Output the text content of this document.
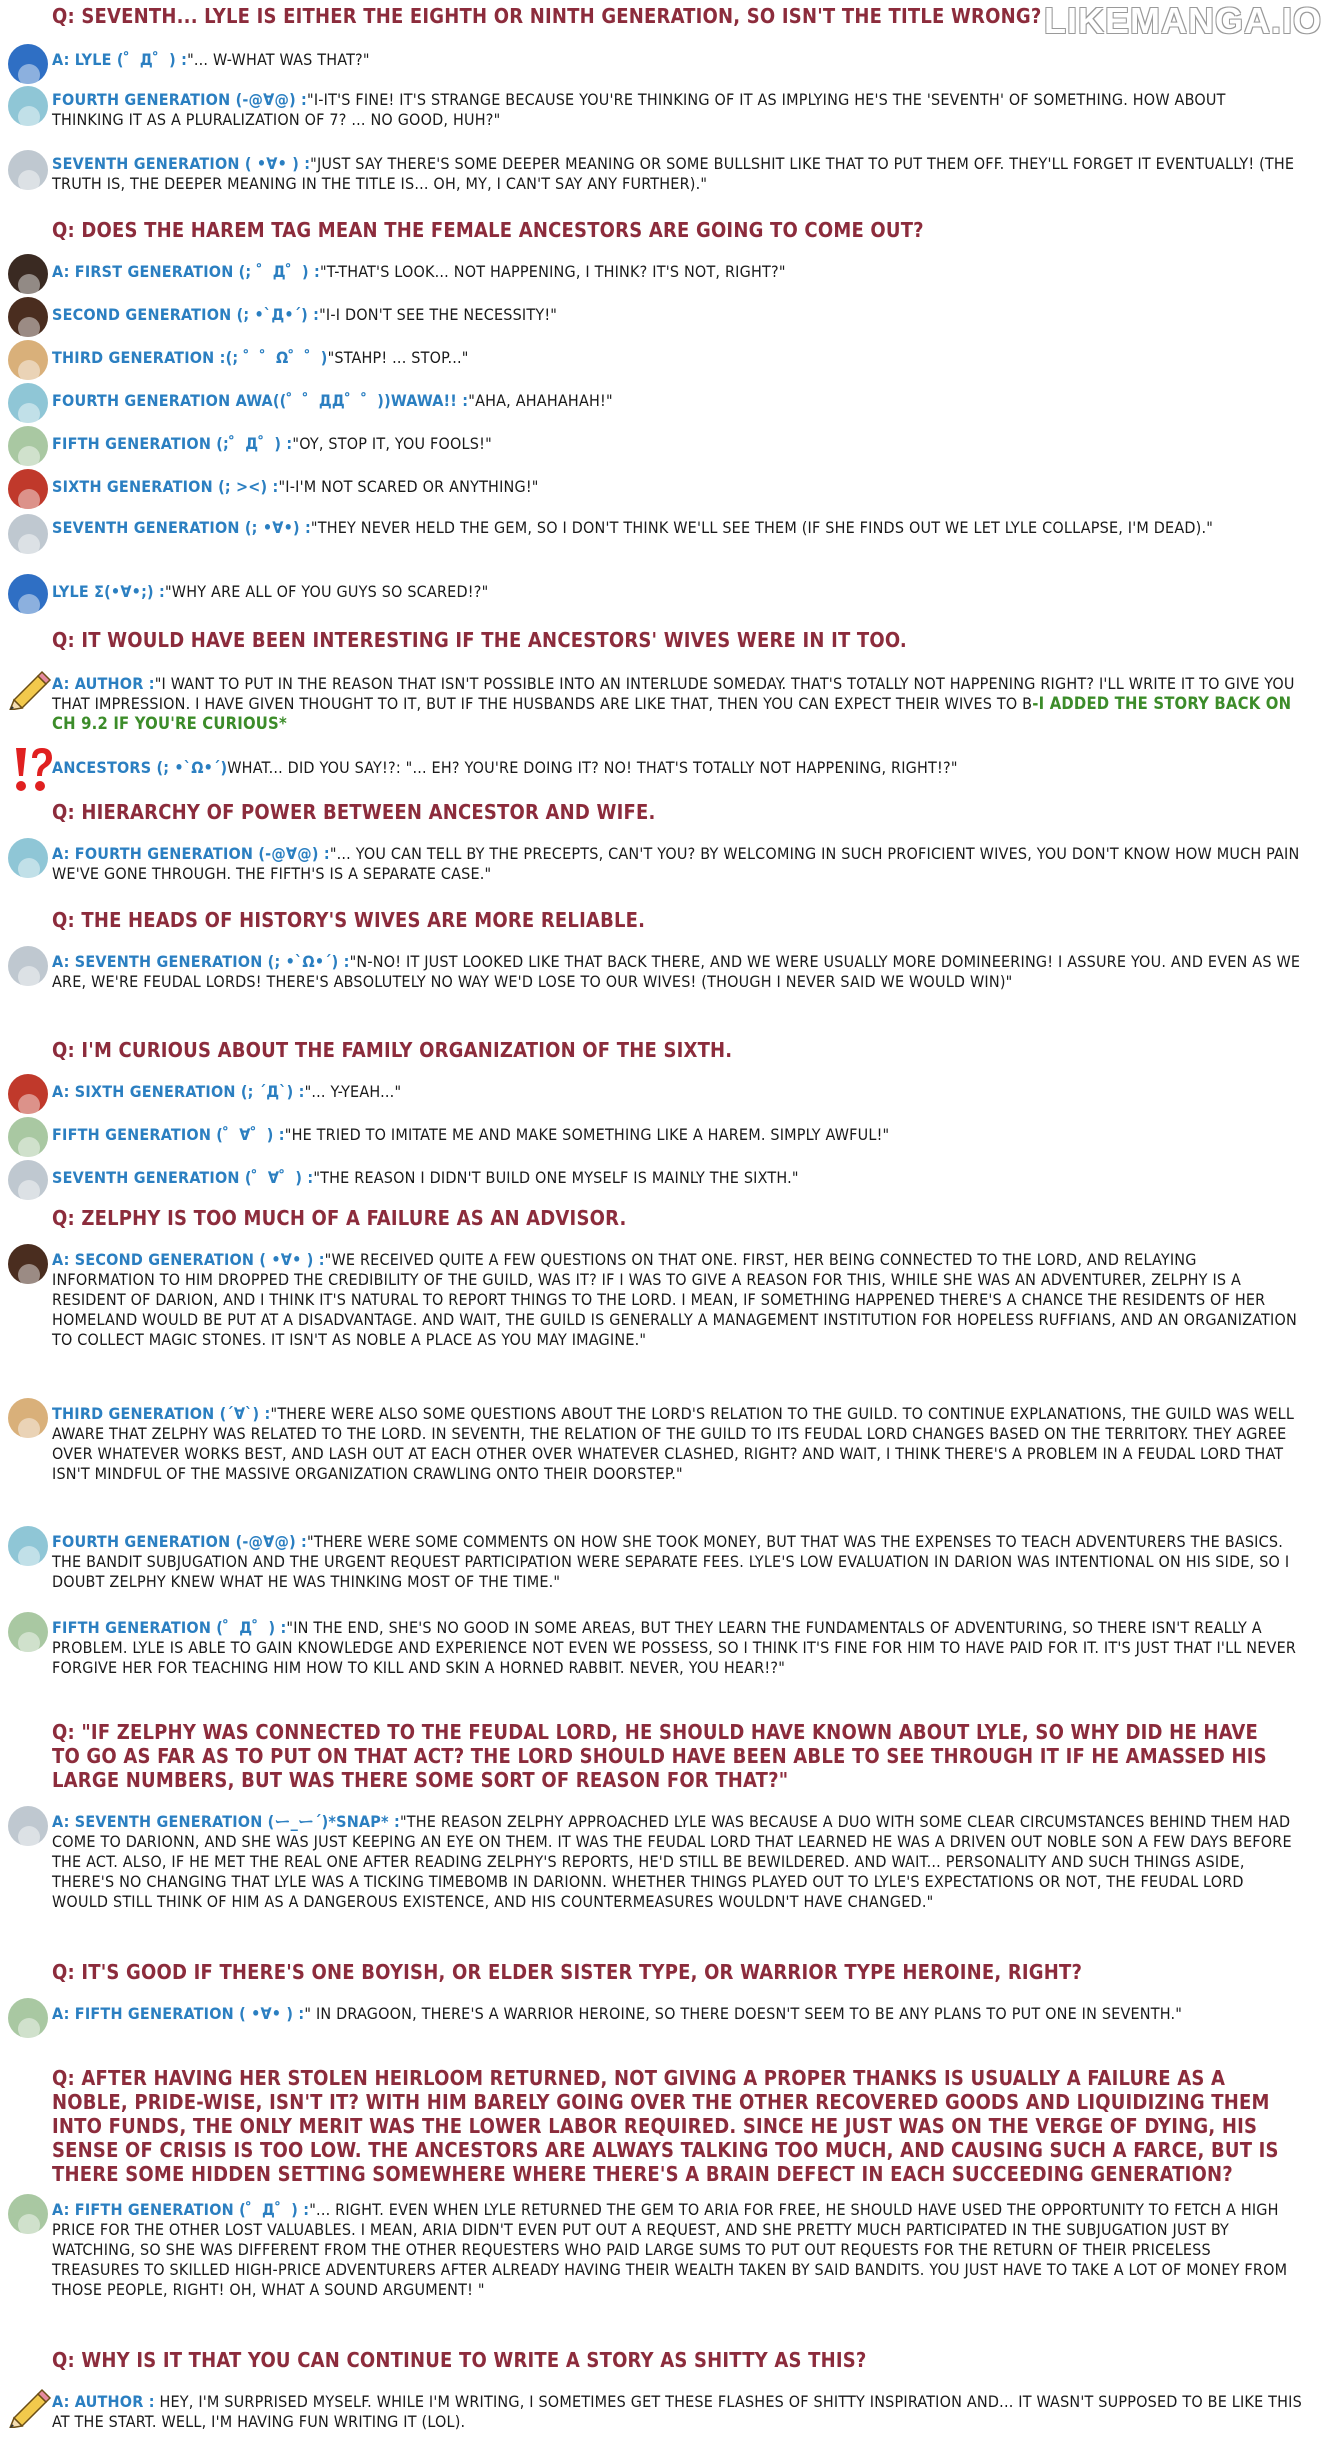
LIKEMANGA.IO
Q: SEVENTH... LYLE IS EITHER THE EIGHTH OR NINTH GENERATION, SO ISN'T THE TITLE WRONG?
A: LYLE (゜Д゜) :"... W-WHAT WAS THAT?"
FOURTH GENERATION (-@∀@) :"I-IT'S FINE! IT'S STRANGE BECAUSE YOU'RE THINKING OF IT AS IMPLYING HE'S THE 'SEVENTH' OF SOMETHING. HOW ABOUT THINKING IT AS A PLURALIZATION OF 7? ... NO GOOD, HUH?"
SEVENTH GENERATION ( •∀• ) :"JUST SAY THERE'S SOME DEEPER MEANING OR SOME BULLSHIT LIKE THAT TO PUT THEM OFF. THEY'LL FORGET IT EVENTUALLY! (THE TRUTH IS, THE DEEPER MEANING IN THE TITLE IS... OH, MY, I CAN'T SAY ANY FURTHER)."
Q: DOES THE HAREM TAG MEAN THE FEMALE ANCESTORS ARE GOING TO COME OUT?
A: FIRST GENERATION (; ゜Д゜) :"T-THAT'S LOOK... NOT HAPPENING, I THINK? IT'S NOT, RIGHT?"
SECOND GENERATION (; •`Д•´) :"I-I DON'T SEE THE NECESSITY!"
THIRD GENERATION :(; ゜゜Ω゜゜)"STAHP! ... STOP..."
FOURTH GENERATION AWA((゜゜ДД゜゜))WAWA!! :"AHA, AHAHAHAH!"
FIFTH GENERATION (;゜Д゜) :"OY, STOP IT, YOU FOOLS!"
SIXTH GENERATION (; ><) :"I-I'M NOT SCARED OR ANYTHING!"
SEVENTH GENERATION (; •∀•) :"THEY NEVER HELD THE GEM, SO I DON'T THINK WE'LL SEE THEM (IF SHE FINDS OUT WE LET LYLE COLLAPSE, I'M DEAD)."
LYLE Σ(•∀•;) :"WHY ARE ALL OF YOU GUYS SO SCARED!?"
Q: IT WOULD HAVE BEEN INTERESTING IF THE ANCESTORS' WIVES WERE IN IT TOO.
A: AUTHOR :"I WANT TO PUT IN THE REASON THAT ISN'T POSSIBLE INTO AN INTERLUDE SOMEDAY. THAT'S TOTALLY NOT HAPPENING RIGHT? I'LL WRITE IT TO GIVE YOU THAT IMPRESSION. I HAVE GIVEN THOUGHT TO IT, BUT IF THE HUSBANDS ARE LIKE THAT, THEN YOU CAN EXPECT THEIR WIVES TO B-I ADDED THE STORY BACK ON CH 9.2 IF YOU'RE CURIOUS*
ANCESTORS (; •`Ω•´)WHAT... DID YOU SAY!?: "... EH? YOU'RE DOING IT? NO! THAT'S TOTALLY NOT HAPPENING, RIGHT!?"
Q: HIERARCHY OF POWER BETWEEN ANCESTOR AND WIFE.
A: FOURTH GENERATION (-@∀@) :"... YOU CAN TELL BY THE PRECEPTS, CAN'T YOU? BY WELCOMING IN SUCH PROFICIENT WIVES, YOU DON'T KNOW HOW MUCH PAIN WE'VE GONE THROUGH. THE FIFTH'S IS A SEPARATE CASE."
Q: THE HEADS OF HISTORY'S WIVES ARE MORE RELIABLE.
A: SEVENTH GENERATION (; •`Ω•´) :"N-NO! IT JUST LOOKED LIKE THAT BACK THERE, AND WE WERE USUALLY MORE DOMINEERING! I ASSURE YOU. AND EVEN AS WE ARE, WE'RE FEUDAL LORDS! THERE'S ABSOLUTELY NO WAY WE'D LOSE TO OUR WIVES! (THOUGH I NEVER SAID WE WOULD WIN)"
Q: I'M CURIOUS ABOUT THE FAMILY ORGANIZATION OF THE SIXTH.
A: SIXTH GENERATION (; ´Д`) :"... Y-YEAH..."
FIFTH GENERATION (゜∀゜) :"HE TRIED TO IMITATE ME AND MAKE SOMETHING LIKE A HAREM. SIMPLY AWFUL!"
SEVENTH GENERATION (゜∀゜) :"THE REASON I DIDN'T BUILD ONE MYSELF IS MAINLY THE SIXTH."
Q: ZELPHY IS TOO MUCH OF A FAILURE AS AN ADVISOR.
A: SECOND GENERATION ( •∀• ) :"WE RECEIVED QUITE A FEW QUESTIONS ON THAT ONE. FIRST, HER BEING CONNECTED TO THE LORD, AND RELAYING INFORMATION TO HIM DROPPED THE CREDIBILITY OF THE GUILD, WAS IT? IF I WAS TO GIVE A REASON FOR THIS, WHILE SHE WAS AN ADVENTURER, ZELPHY IS A RESIDENT OF DARION, AND I THINK IT'S NATURAL TO REPORT THINGS TO THE LORD. I MEAN, IF SOMETHING HAPPENED THERE'S A CHANCE THE RESIDENTS OF HER HOMELAND WOULD BE PUT AT A DISADVANTAGE. AND WAIT, THE GUILD IS GENERALLY A MANAGEMENT INSTITUTION FOR HOPELESS RUFFIANS, AND AN ORGANIZATION TO COLLECT MAGIC STONES. IT ISN'T AS NOBLE A PLACE AS YOU MAY IMAGINE."
THIRD GENERATION (´∀`) :"THERE WERE ALSO SOME QUESTIONS ABOUT THE LORD'S RELATION TO THE GUILD. TO CONTINUE EXPLANATIONS, THE GUILD WAS WELL AWARE THAT ZELPHY WAS RELATED TO THE LORD. IN SEVENTH, THE RELATION OF THE GUILD TO ITS FEUDAL LORD CHANGES BASED ON THE TERRITORY. THEY AGREE OVER WHATEVER WORKS BEST, AND LASH OUT AT EACH OTHER OVER WHATEVER CLASHED, RIGHT? AND WAIT, I THINK THERE'S A PROBLEM IN A FEUDAL LORD THAT ISN'T MINDFUL OF THE MASSIVE ORGANIZATION CRAWLING ONTO THEIR DOORSTEP."
FOURTH GENERATION (-@∀@) :"THERE WERE SOME COMMENTS ON HOW SHE TOOK MONEY, BUT THAT WAS THE EXPENSES TO TEACH ADVENTURERS THE BASICS. THE BANDIT SUBJUGATION AND THE URGENT REQUEST PARTICIPATION WERE SEPARATE FEES. LYLE'S LOW EVALUATION IN DARION WAS INTENTIONAL ON HIS SIDE, SO I DOUBT ZELPHY KNEW WHAT HE WAS THINKING MOST OF THE TIME."
FIFTH GENERATION (゜Д゜) :"IN THE END, SHE'S NO GOOD IN SOME AREAS, BUT THEY LEARN THE FUNDAMENTALS OF ADVENTURING, SO THERE ISN'T REALLY A PROBLEM. LYLE IS ABLE TO GAIN KNOWLEDGE AND EXPERIENCE NOT EVEN WE POSSESS, SO I THINK IT'S FINE FOR HIM TO HAVE PAID FOR IT. IT'S JUST THAT I'LL NEVER FORGIVE HER FOR TEACHING HIM HOW TO KILL AND SKIN A HORNED RABBIT. NEVER, YOU HEAR!?"
Q: "IF ZELPHY WAS CONNECTED TO THE FEUDAL LORD, HE SHOULD HAVE KNOWN ABOUT LYLE, SO WHY DID HE HAVE TO GO AS FAR AS TO PUT ON THAT ACT? THE LORD SHOULD HAVE BEEN ABLE TO SEE THROUGH IT IF HE AMASSED HIS LARGE NUMBERS, BUT WAS THERE SOME SORT OF REASON FOR THAT?"
A: SEVENTH GENERATION (ー_ー´)*SNAP* :"THE REASON ZELPHY APPROACHED LYLE WAS BECAUSE A DUO WITH SOME CLEAR CIRCUMSTANCES BEHIND THEM HAD COME TO DARIONN, AND SHE WAS JUST KEEPING AN EYE ON THEM. IT WAS THE FEUDAL LORD THAT LEARNED HE WAS A DRIVEN OUT NOBLE SON A FEW DAYS BEFORE THE ACT. ALSO, IF HE MET THE REAL ONE AFTER READING ZELPHY'S REPORTS, HE'D STILL BE BEWILDERED. AND WAIT... PERSONALITY AND SUCH THINGS ASIDE, THERE'S NO CHANGING THAT LYLE WAS A TICKING TIMEBOMB IN DARIONN. WHETHER THINGS PLAYED OUT TO LYLE'S EXPECTATIONS OR NOT, THE FEUDAL LORD WOULD STILL THINK OF HIM AS A DANGEROUS EXISTENCE, AND HIS COUNTERMEASURES WOULDN'T HAVE CHANGED."
Q: IT'S GOOD IF THERE'S ONE BOYISH, OR ELDER SISTER TYPE, OR WARRIOR TYPE HEROINE, RIGHT?
A: FIFTH GENERATION ( •∀• ) :" IN DRAGOON, THERE'S A WARRIOR HEROINE, SO THERE DOESN'T SEEM TO BE ANY PLANS TO PUT ONE IN SEVENTH."
Q: AFTER HAVING HER STOLEN HEIRLOOM RETURNED, NOT GIVING A PROPER THANKS IS USUALLY A FAILURE AS A NOBLE, PRIDE-WISE, ISN'T IT? WITH HIM BARELY GOING OVER THE OTHER RECOVERED GOODS AND LIQUIDIZING THEM INTO FUNDS, THE ONLY MERIT WAS THE LOWER LABOR REQUIRED. SINCE HE JUST WAS ON THE VERGE OF DYING, HIS SENSE OF CRISIS IS TOO LOW. THE ANCESTORS ARE ALWAYS TALKING TOO MUCH, AND CAUSING SUCH A FARCE, BUT IS THERE SOME HIDDEN SETTING SOMEWHERE WHERE THERE'S A BRAIN DEFECT IN EACH SUCCEEDING GENERATION?
A: FIFTH GENERATION (゜Д゜) :"... RIGHT. EVEN WHEN LYLE RETURNED THE GEM TO ARIA FOR FREE, HE SHOULD HAVE USED THE OPPORTUNITY TO FETCH A HIGH PRICE FOR THE OTHER LOST VALUABLES. I MEAN, ARIA DIDN'T EVEN PUT OUT A REQUEST, AND SHE PRETTY MUCH PARTICIPATED IN THE SUBJUGATION JUST BY WATCHING, SO SHE WAS DIFFERENT FROM THE OTHER REQUESTERS WHO PAID LARGE SUMS TO PUT OUT REQUESTS FOR THE RETURN OF THEIR PRICELESS TREASURES TO SKILLED HIGH-PRICE ADVENTURERS AFTER ALREADY HAVING THEIR WEALTH TAKEN BY SAID BANDITS. YOU JUST HAVE TO TAKE A LOT OF MONEY FROM THOSE PEOPLE, RIGHT! OH, WHAT A SOUND ARGUMENT! "
Q: WHY IS IT THAT YOU CAN CONTINUE TO WRITE A STORY AS SHITTY AS THIS?
A: AUTHOR : HEY, I'M SURPRISED MYSELF. WHILE I'M WRITING, I SOMETIMES GET THESE FLASHES OF SHITTY INSPIRATION AND... IT WASN'T SUPPOSED TO BE LIKE THIS AT THE START. WELL, I'M HAVING FUN WRITING IT (LOL).
